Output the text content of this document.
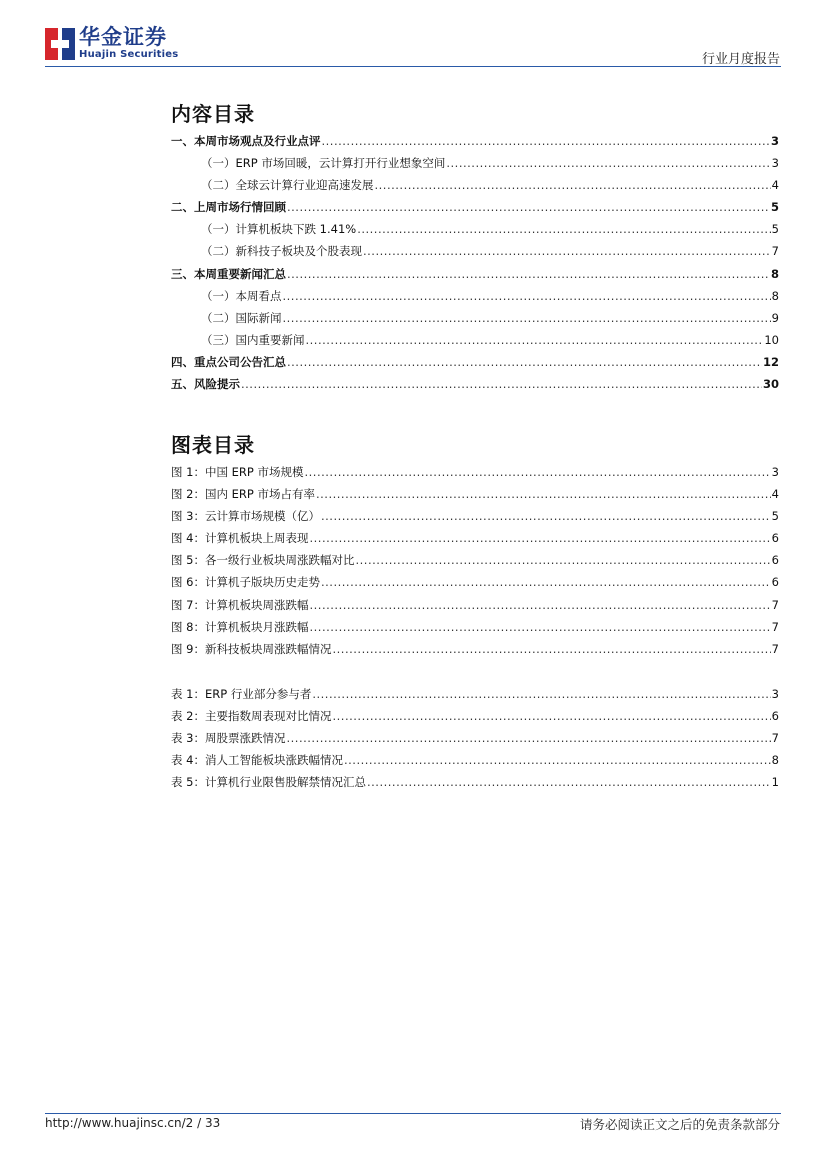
华金证券
Huajin Securities	行业月度报告
内容目录
一、本周市场观点及行业点评 .....	3
（一）ERP 市场回暖，云计算打开行业想象空间 .....	3
（二）全球云计算行业迎高速发展 .....	4
二、上周市场行情回顾 .....	5
（一）计算机板块下跌 1.41% .....	5
（二）新科技子板块及个股表现 .....	7
三、本周重要新闻汇总 .....	8
（一）本周看点 .....	8
（二）国际新闻 .....	9
（三）国内重要新闻 .....	10
四、重点公司公告汇总 .....	12
五、风险提示 .....	30
图表目录
图 1：中国 ERP 市场规模 .....	3
图 2：国内 ERP 市场占有率 .....	4
图 3：云计算市场规模（亿） .....	5
图 4：计算机板块上周表现 .....	6
图 5：各一级行业板块周涨跌幅对比 .....	6
图 6：计算机子版块历史走势 .....	6
图 7：计算机板块周涨跌幅 .....	7
图 8：计算机板块月涨跌幅 .....	7
图 9：新科技板块周涨跌幅情况 .....	7
表 1：ERP 行业部分参与者 .....	3
表 2：主要指数周表现对比情况 .....	6
表 3：周股票涨跌情况 .....	7
表 4：消人工智能板块涨跌幅情况 .....	8
表 5：计算机行业限售股解禁情况汇总 .....	1
http://www.huajinsc.cn/2 / 33	请务必阅读正文之后的免责条款部分
